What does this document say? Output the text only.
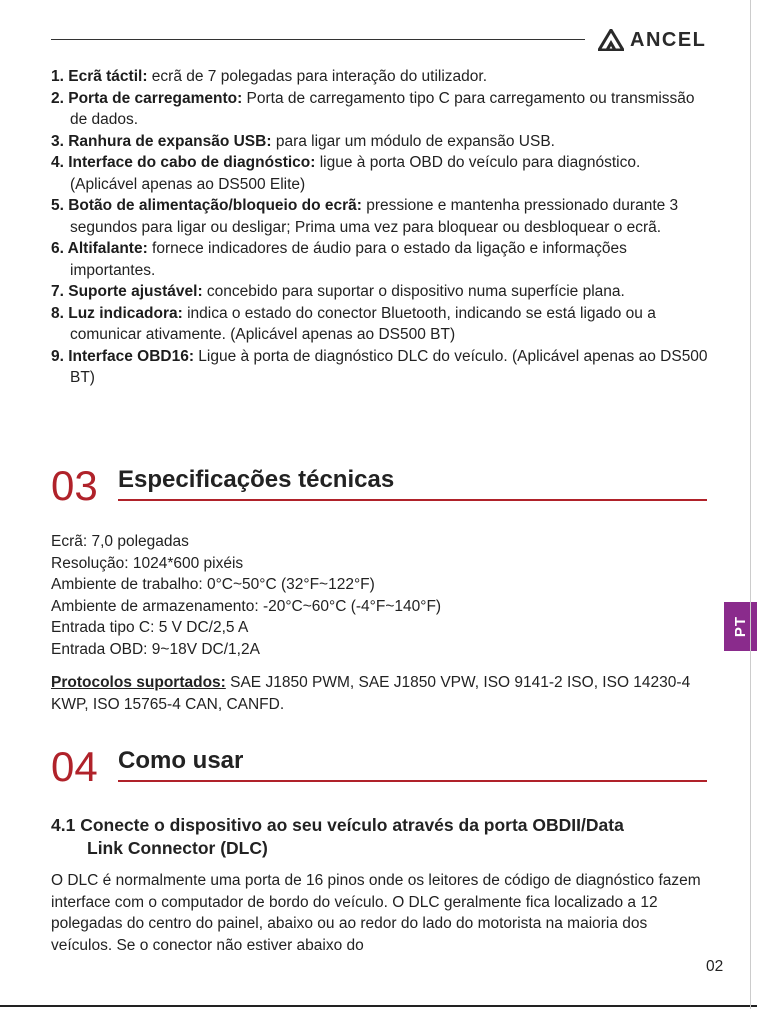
ANCEL
1. Ecrã táctil: ecrã de 7 polegadas para interação do utilizador.
2. Porta de carregamento: Porta de carregamento tipo C para carregamento ou transmissão de dados.
3. Ranhura de expansão USB: para ligar um módulo de expansão USB.
4. Interface do cabo de diagnóstico: ligue à porta OBD do veículo para diagnóstico. (Aplicável apenas ao DS500 Elite)
5. Botão de alimentação/bloqueio do ecrã: pressione e mantenha pressionado durante 3 segundos para ligar ou desligar; Prima uma vez para bloquear ou desbloquear o ecrã.
6. Altifalante: fornece indicadores de áudio para o estado da ligação e informações importantes.
7. Suporte ajustável: concebido para suportar o dispositivo numa superfície plana.
8. Luz indicadora: indica o estado do conector Bluetooth, indicando se está ligado ou a comunicar ativamente. (Aplicável apenas ao DS500 BT)
9. Interface OBD16: Ligue à porta de diagnóstico DLC do veículo. (Aplicável apenas ao DS500 BT)
03 Especificações técnicas
Ecrã: 7,0 polegadas
Resolução: 1024*600 pixéis
Ambiente de trabalho: 0°C~50°C (32°F~122°F)
Ambiente de armazenamento: -20°C~60°C (-4°F~140°F)
Entrada tipo C: 5 V DC/2,5 A
Entrada OBD: 9~18V DC/1,2A
Protocolos suportados: SAE J1850 PWM, SAE J1850 VPW, ISO 9141-2 ISO, ISO 14230-4 KWP, ISO 15765-4 CAN, CANFD.
04 Como usar
4.1 Conecte o dispositivo ao seu veículo através da porta OBDII/Data
Link Connector (DLC)
O DLC é normalmente uma porta de 16 pinos onde os leitores de código de diagnóstico fazem interface com o computador de bordo do veículo. O DLC geralmente fica localizado a 12 polegadas do centro do painel, abaixo ou ao redor do lado do motorista na maioria dos veículos. Se o conector não estiver abaixo do
PT
02
